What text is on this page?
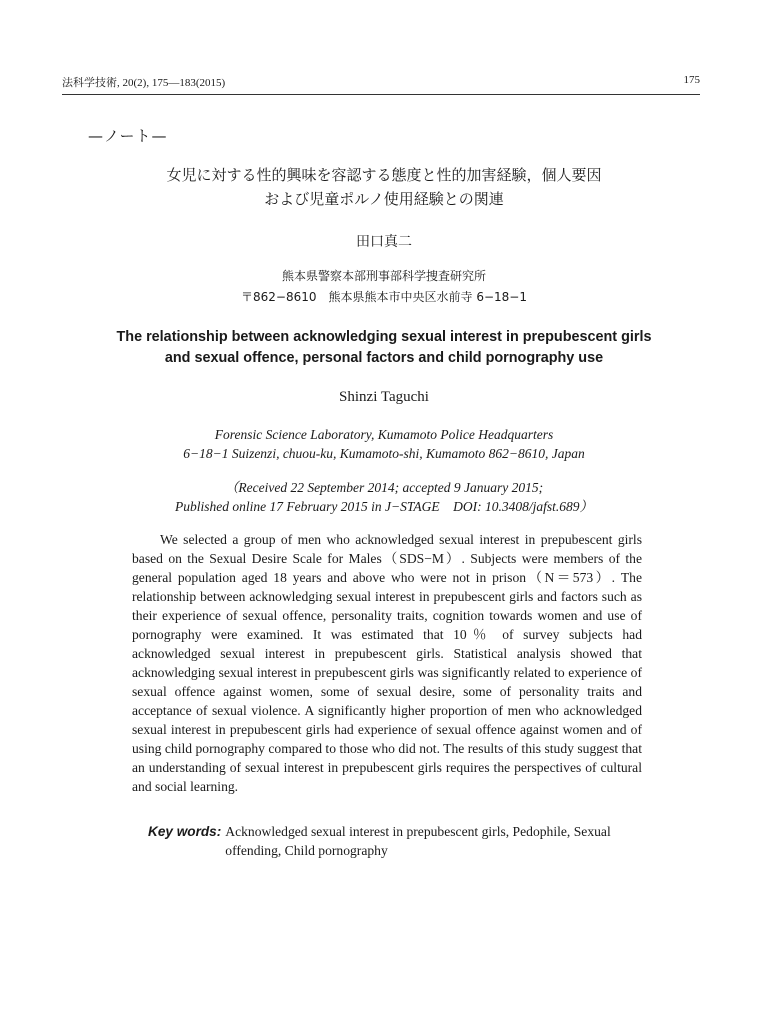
法科学技術, 20(2), 175—183(2015)	175
—ノート—
女児に対する性的興味を容認する態度と性的加害経験，個人要因
および児童ポルノ使用経験との関連
田口真二
熊本県警察本部刑事部科学捜査研究所
〒862−8610　熊本県熊本市中央区水前寺 6−18−1
The relationship between acknowledging sexual interest in prepubescent girls
and sexual offence, personal factors and child pornography use
Shinzi Taguchi
Forensic Science Laboratory, Kumamoto Police Headquarters
6−18−1 Suizenzi, chuou-ku, Kumamoto-shi, Kumamoto 862−8610, Japan
（Received 22 September 2014; accepted 9 January 2015;
Published online 17 February 2015 in J−STAGE　DOI: 10.3408/jafst.689）
We selected a group of men who acknowledged sexual interest in prepubescent girls based on the Sexual Desire Scale for Males（SDS−M）. Subjects were members of the general population aged 18 years and above who were not in prison（N＝573）. The relationship between acknowledging sexual interest in prepubescent girls and factors such as their experience of sexual offence, personality traits, cognition towards women and use of pornography were examined. It was estimated that 10％ of survey subjects had acknowledged sexual interest in prepubescent girls. Statistical analysis showed that acknowledging sexual interest in prepubescent girls was significantly related to experience of sexual offence against women, some of sexual desire, some of personality traits and acceptance of sexual violence. A significantly higher proportion of men who acknowledged sexual interest in prepubescent girls had experience of sexual offence against women and of using child pornography compared to those who did not. The results of this study suggest that an understanding of sexual interest in prepubescent girls requires the perspectives of cultural and social learning.
Key words: Acknowledged sexual interest in prepubescent girls, Pedophile, Sexual offending, Child pornography
